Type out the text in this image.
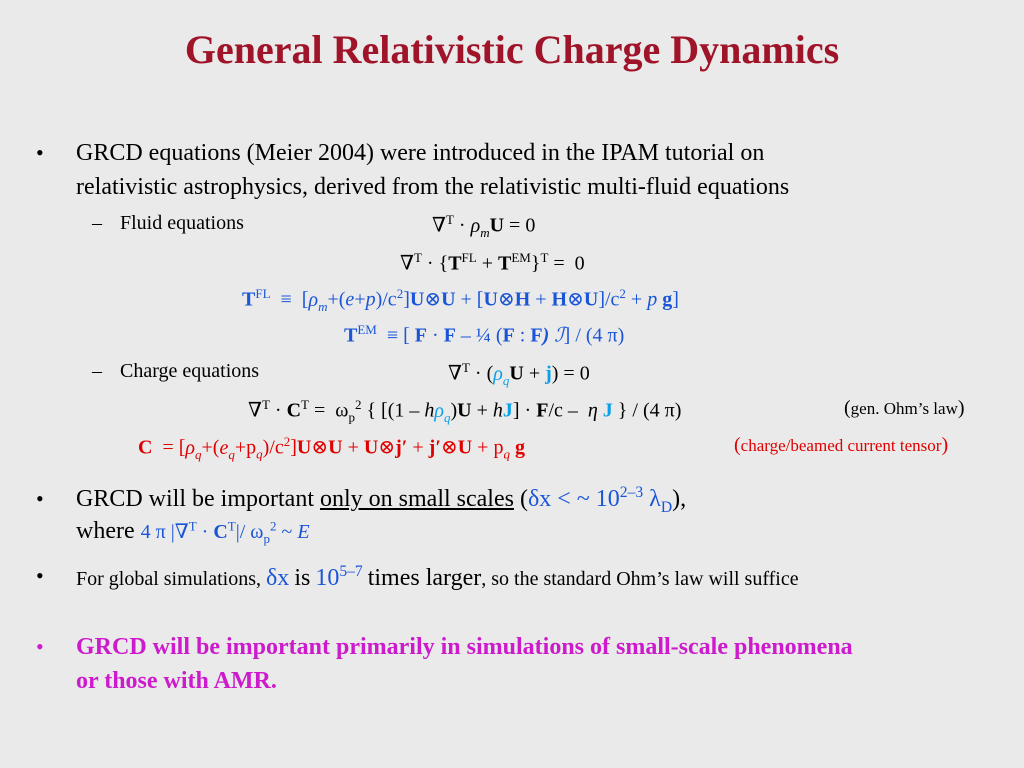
General Relativistic Charge Dynamics
• GRCD equations (Meier 2004) were introduced in the IPAM tutorial on
relativistic astrophysics, derived from the relativistic multi-fluid equations
– Fluid equations	$\nabla^T \cdot \rho_mU = 0$
$\nabla^T \cdot \{T^{FL} + T^{EM}\}^T = 0$
$T^{FL}$  ≡  $[\rho_m+(e+p)/c^2]U\otimes U$ + [U⊗H + $H\otimes U]/c^2 + p$ g]
$T^{EM}$  ≡ [ F · F – ¼ (F : F) ℐ] / (4 π)
– Charge equations	$\nabla^T \cdot (\rho_qU + j) = 0$
$\nabla^T \cdot C^T = \omega_p^2$ { $[(1 - h\rho_q)U + hJ] \cdot F/c - \eta$ J } / (4 π)	(gen. Ohm’s law)
$C = [\rho_q+(e_q+p_q)/c^2]U\otimes U$ + U⊗j′ + j′⊗U + $p_q$ g	(charge/beamed current tensor)
• GRCD will be important only on small scales (δx < ~ 10$^{2-3}$ $\lambda_D$),
where 4 π $|\nabla^T \cdot C^T|/$ $\omega_p^2$ ~ E
• For global simulations, δx is 10$^{5-7}$ times larger, so the standard Ohm’s law will suffice
• GRCD will be important primarily in simulations of small-scale phenomena
or those with AMR.
